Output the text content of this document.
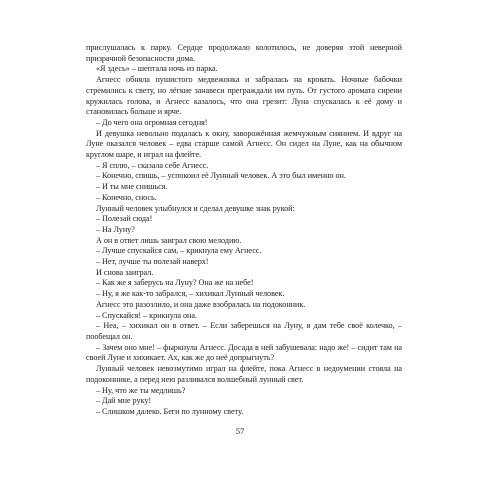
прислушалась к парку. Сердце продолжало колотилось, не доверяя этой неверной призрачной безопасности дома.

«Я здесь» – шептала ночь из парка.

Агнесс обняла пушистого медвежонка и забралась на кровать. Ночные бабочки стремились к свету, но лёгкие занавеси преграждали им путь. От густого аромата сирени кружилась голова, и Агнесс казалось, что она грезит: Луна спускалась к её дому и становилась больше и ярче.

– До чего она огромная сегодня!

И девушка невольно подалась к окну, заворожённая жемчужным сиянием. И вдруг на Луне оказался человек – едва старше самой Агнесс. Он сидел на Луне, как на обычном круглом шаре, и играл на флейте.

– Я сплю, – сказала себе Агнесс.

– Конечно, спишь, – успокоил её Лунный человек. А это был именно он.

– И ты мне снишься.

– Конечно, снось.

Лунный человек улыбнулся и сделал девушке знак рукой:

– Полезай сюда!

– На Луну?

А он в ответ лишь заиграл свою мелодию.

– Лучше спускайся сам, – крикнула ему Агнесс.

– Нет, лучше ты полезай наверх!

И снова заиграл.

– Как же я заберусь на Луну? Она же на небе!

– Ну, я же как-то забрался, – хихикал Лунный человек.

Агнесс это разозлило, и она даже взобралась на подоконник.

– Спускайся! – крикнула она.

– Неа, – хихикал он в ответ. – Если заберешься на Луну, я дам тебе своё колечко, – пообещал он.

– Зачем оно мне! – фыркнула Агнесс. Досада в ней забушевала: надо же! – сидит там на своей Луне и хихикает. Ах, как же до неё допрыгнуть?

Лунный человек невозмутимо играл на флейте, пока Агнесс в недоумении стояла на подоконнике, а перед нею разливался волшебный лунный свет.

– Ну, что же ты медлишь?

– Дай мне руку!

– Слишком далеко. Беги по лунному свету.

57
